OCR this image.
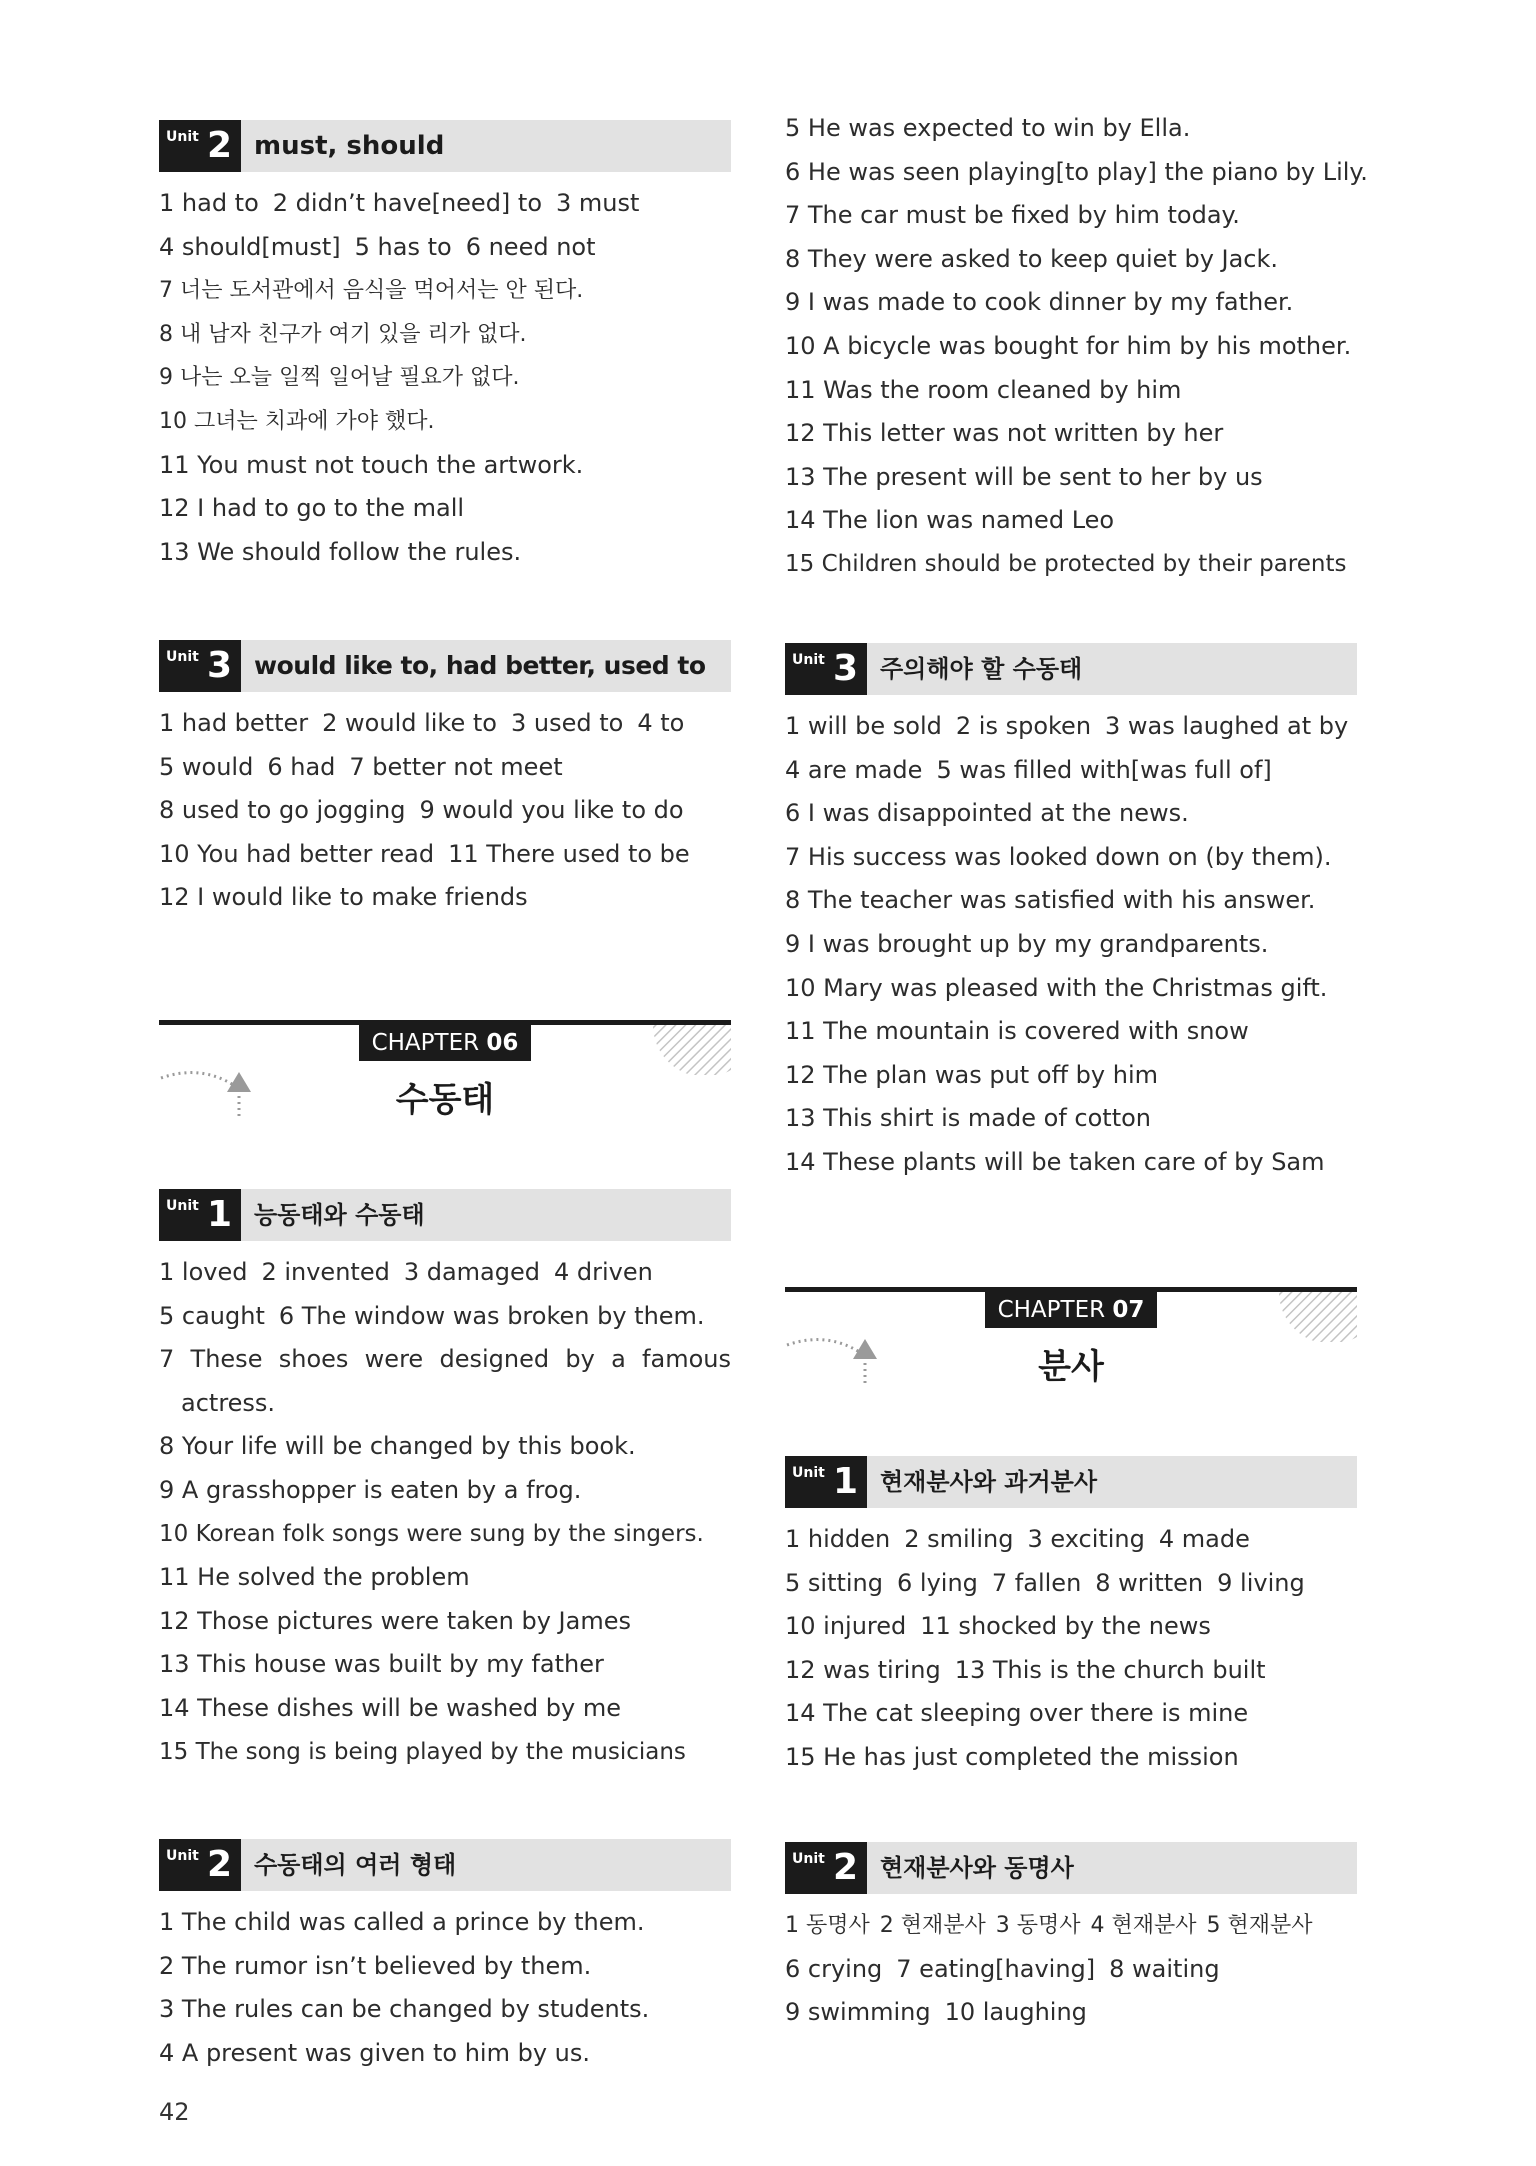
Unit 2 must, should
1 had to 2 didn’t have[need] to 3 must
4 should[must] 5 has to 6 need not
7 너는 도서관에서 음식을 먹어서는 안 된다.
8 내 남자 친구가 여기 있을 리가 없다.
9 나는 오늘 일찍 일어날 필요가 없다.
10 그녀는 치과에 가야 했다.
11 You must not touch the artwork.
12 I had to go to the mall
13 We should follow the rules.
Unit 3 would like to, had better, used to
1 had better 2 would like to 3 used to 4 to
5 would 6 had 7 better not meet
8 used to go jogging 9 would you like to do
10 You had better read 11 There used to be
12 I would like to make friends
CHAPTER 06
수동태
Unit 1 능동태와 수동태
1 loved 2 invented 3 damaged 4 driven
5 caught 6 The window was broken by them.
7 These shoes were designed by a famous
actress.
8 Your life will be changed by this book.
9 A grasshopper is eaten by a frog.
10 Korean folk songs were sung by the singers.
11 He solved the problem
12 Those pictures were taken by James
13 This house was built by my father
14 These dishes will be washed by me
15 The song is being played by the musicians
Unit 2 수동태의 여러 형태
1 The child was called a prince by them.
2 The rumor isn’t believed by them.
3 The rules can be changed by students.
4 A present was given to him by us.
5 He was expected to win by Ella.
6 He was seen playing[to play] the piano by Lily.
7 The car must be fixed by him today.
8 They were asked to keep quiet by Jack.
9 I was made to cook dinner by my father.
10 A bicycle was bought for him by his mother.
11 Was the room cleaned by him
12 This letter was not written by her
13 The present will be sent to her by us
14 The lion was named Leo
15 Children should be protected by their parents
Unit 3 주의해야 할 수동태
1 will be sold 2 is spoken 3 was laughed at by
4 are made 5 was filled with[was full of]
6 I was disappointed at the news.
7 His success was looked down on (by them).
8 The teacher was satisfied with his answer.
9 I was brought up by my grandparents.
10 Mary was pleased with the Christmas gift.
11 The mountain is covered with snow
12 The plan was put off by him
13 This shirt is made of cotton
14 These plants will be taken care of by Sam
CHAPTER 07
분사
Unit 1 현재분사와 과거분사
1 hidden 2 smiling 3 exciting 4 made
5 sitting 6 lying 7 fallen 8 written 9 living
10 injured 11 shocked by the news
12 was tiring 13 This is the church built
14 The cat sleeping over there is mine
15 He has just completed the mission
Unit 2 현재분사와 동명사
1 동명사 2 현재분사 3 동명사 4 현재분사 5 현재분사
6 crying 7 eating[having] 8 waiting
9 swimming 10 laughing
42
